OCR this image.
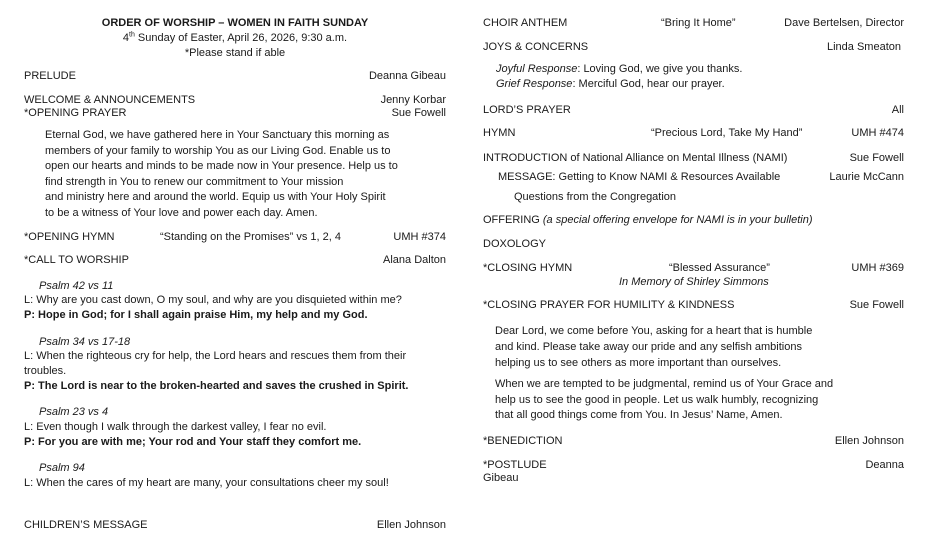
ORDER OF WORSHIP – WOMEN IN FAITH SUNDAY
4th Sunday of Easter, April 26, 2026, 9:30 a.m.
*Please stand if able
PRELUDE	Deanna Gibeau
WELCOME & ANNOUNCEMENTS	Jenny Korbar
*OPENING PRAYER	Sue Fowell
Eternal God, we have gathered here in Your Sanctuary this morning as
members of your family to worship You as our Living God. Enable us to
open our hearts and minds to be made now in Your presence. Help us to
find strength in You to renew our commitment to Your mission
and ministry here and around the world. Equip us with Your Holy Spirit
to be a witness of Your love and power each day. Amen.
*OPENING HYMN	“Standing on the Promises” vs 1, 2, 4	UMH #374
*CALL TO WORSHIP	Alana Dalton
Psalm 42 vs 11
L: Why are you cast down, O my soul, and why are you disquieted within me?
P: Hope in God; for I shall again praise Him, my help and my God.
Psalm 34 vs 17-18
L: When the righteous cry for help, the Lord hears and rescues them from their
troubles.
P: The Lord is near to the broken-hearted and saves the crushed in Spirit.
Psalm 23 vs 4
L: Even though I walk through the darkest valley, I fear no evil.
P: For you are with me; Your rod and Your staff they comfort me.
Psalm 94
L: When the cares of my heart are many, your consultations cheer my soul!
CHILDREN’S MESSAGE	Ellen Johnson
CHOIR ANTHEM	“Bring It Home”	Dave Bertelsen, Director
JOYS & CONCERNS	Linda Smeaton
Joyful Response: Loving God, we give you thanks.
Grief Response: Merciful God, hear our prayer.
LORD’S PRAYER	All
HYMN	“Precious Lord, Take My Hand”	UMH #474
INTRODUCTION of National Alliance on Mental Illness (NAMI)	Sue Fowell
MESSAGE: Getting to Know NAMI & Resources Available	Laurie McCann
Questions from the Congregation
OFFERING (a special offering envelope for NAMI is in your bulletin)
DOXOLOGY
*CLOSING HYMN	“Blessed Assurance”	UMH #369
In Memory of Shirley Simmons
*CLOSING PRAYER FOR HUMILITY & KINDNESS	Sue Fowell
Dear Lord, we come before You, asking for a heart that is humble
and kind. Please take away our pride and any selfish ambitions
helping us to see others as more important than ourselves.
When we are tempted to be judgmental, remind us of Your Grace and
help us to see the good in people. Let us walk humbly, recognizing
that all good things come from You. In Jesus’ Name, Amen.
*BENEDICTION	Ellen Johnson
*POSTLUDE	Deanna
Gibeau
